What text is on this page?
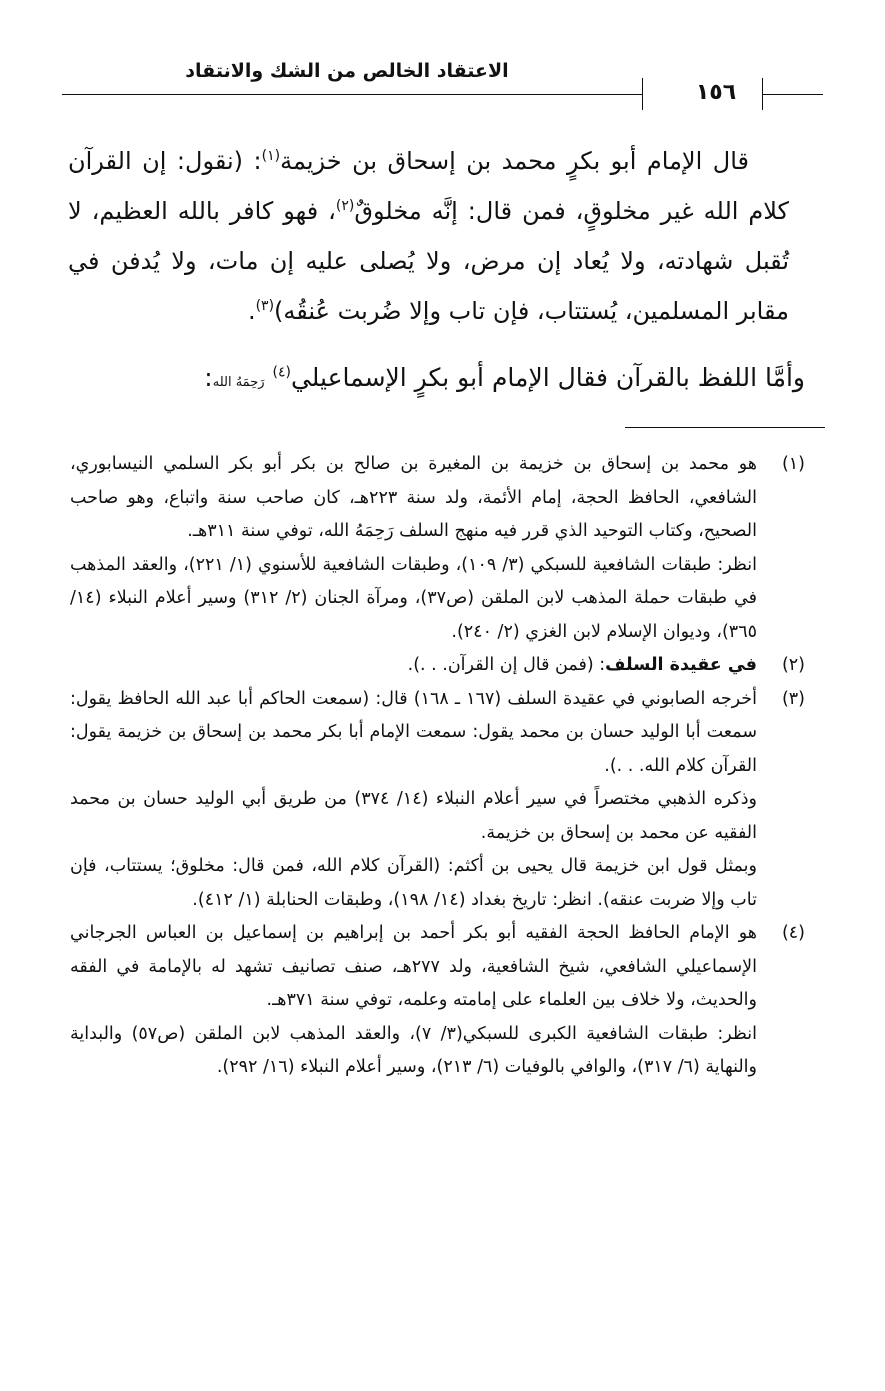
الاعتقاد الخالص من الشك والانتقاد
١٥٦

قال الإمام أبو بكرٍ محمد بن إسحاق بن خزيمة$^{(١)}$: (نقول: إن القرآن كلام الله غير مخلوقٍ، فمن قال: إنَّه مخلوقٌ$^{(٢)}$، فهو كافر بالله العظيم، لا تُقبل شهادته، ولا يُعاد إن مرض، ولا يُصلى عليه إن مات، ولا يُدفن في مقابر المسلمين، يُستتاب، فإن تاب وإلا ضُربت عُنقُه)$^{(٣)}$.

وأمَّا اللفظ بالقرآن فقال الإمام أبو بكرٍ الإسماعيلي$^{(٤)}$ رَحِمَهُ الله:
(١)

هو محمد بن إسحاق بن خزيمة بن المغيرة بن صالح بن بكر أبو بكر السلمي النيسابوري، الشافعي، الحافظ الحجة، إمام الأئمة، ولد سنة ٢٢٣هـ، كان صاحب سنة واتباع، وهو صاحب الصحيح، وكتاب التوحيد الذي قرر فيه منهج السلف رَحِمَهُ الله، توفي سنة ٣١١هـ.

انظر: طبقات الشافعية للسبكي (٣/ ١٠٩)، وطبقات الشافعية للأسنوي (١/ ٢٢١)، والعقد المذهب في طبقات حملة المذهب لابن الملقن (ص٣٧)، ومرآة الجنان (٢/ ٣١٢) وسير أعلام النبلاء (١٤/ ٣٦٥)، وديوان الإسلام لابن الغزي (٢/ ٢٤٠).

(٢)

في عقيدة السلف: (فمن قال إن القرآن. . .).

(٣)

أخرجه الصابوني في عقيدة السلف (١٦٧ ـ ١٦٨) قال: (سمعت الحاكم أبا عبد الله الحافظ يقول: سمعت أبا الوليد حسان بن محمد يقول: سمعت الإمام أبا بكر محمد بن إسحاق بن خزيمة يقول: القرآن كلام الله. . .).

وذكره الذهبي مختصراً في سير أعلام النبلاء (١٤/ ٣٧٤) من طريق أبي الوليد حسان بن محمد الفقيه عن محمد بن إسحاق بن خزيمة.

وبمثل قول ابن خزيمة قال يحيى بن أكثم: (القرآن كلام الله، فمن قال: مخلوق؛ يستتاب، فإن تاب وإلا ضربت عنقه). انظر: تاريخ بغداد (١٤/ ١٩٨)، وطبقات الحنابلة (١/ ٤١٢).

(٤)

هو الإمام الحافظ الحجة الفقيه أبو بكر أحمد بن إبراهيم بن إسماعيل بن العباس الجرجاني الإسماعيلي الشافعي، شيخ الشافعية، ولد ٢٧٧هـ، صنف تصانيف تشهد له بالإمامة في الفقه والحديث، ولا خلاف بين العلماء على إمامته وعلمه، توفي سنة ٣٧١هـ.

انظر: طبقات الشافعية الكبرى للسبكي(٣/ ٧)، والعقد المذهب لابن الملقن (ص٥٧) والبداية والنهاية (٦/ ٣١٧)، والوافي بالوفيات (٦/ ٢١٣)، وسير أعلام النبلاء (١٦/ ٢٩٢).
